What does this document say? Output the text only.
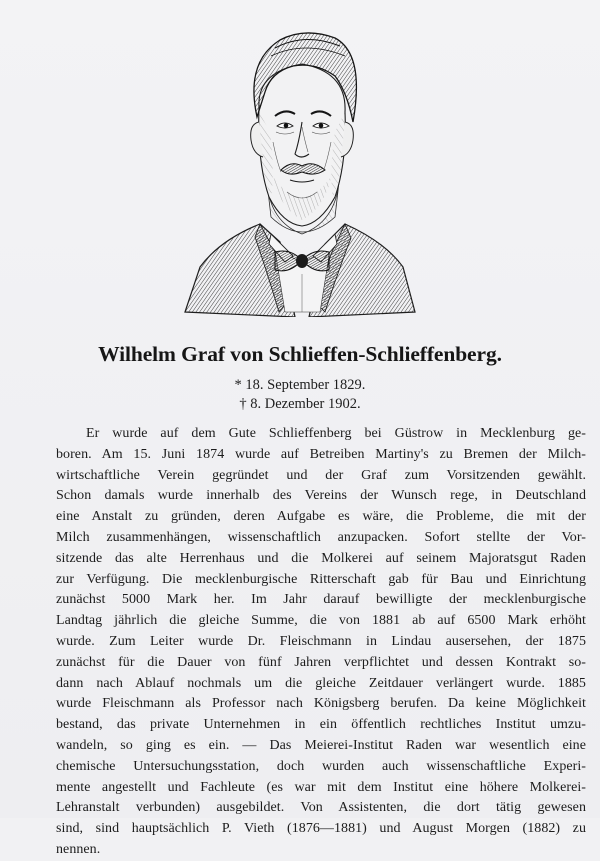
Wilhelm Graf von Schlieffen-Schlieffenberg.
* 18. September 1829.
† 8. Dezember 1902.
Er wurde auf dem Gute Schlieffenberg bei Güstrow in Mecklenburg ge-
boren. Am 15. Juni 1874 wurde auf Betreiben Martiny's zu Bremen der Milch-
wirtschaftliche Verein gegründet und der Graf zum Vorsitzenden gewählt.
Schon damals wurde innerhalb des Vereins der Wunsch rege, in Deutschland
eine Anstalt zu gründen, deren Aufgabe es wäre, die Probleme, die mit der
Milch zusammenhängen, wissenschaftlich anzupacken. Sofort stellte der Vor-
sitzende das alte Herrenhaus und die Molkerei auf seinem Majoratsgut Raden
zur Verfügung. Die mecklenburgische Ritterschaft gab für Bau und Einrichtung
zunächst 5000 Mark her. Im Jahr darauf bewilligte der mecklenburgische
Landtag jährlich die gleiche Summe, die von 1881 ab auf 6500 Mark erhöht
wurde. Zum Leiter wurde Dr. Fleischmann in Lindau ausersehen, der 1875
zunächst für die Dauer von fünf Jahren verpflichtet und dessen Kontrakt so-
dann nach Ablauf nochmals um die gleiche Zeitdauer verlängert wurde. 1885
wurde Fleischmann als Professor nach Königsberg berufen. Da keine Möglichkeit
bestand, das private Unternehmen in ein öffentlich rechtliches Institut umzu-
wandeln, so ging es ein. — Das Meierei-Institut Raden war wesentlich eine
chemische Untersuchungsstation, doch wurden auch wissenschaftliche Experi-
mente angestellt und Fachleute (es war mit dem Institut eine höhere Molkerei-
Lehranstalt verbunden) ausgebildet. Von Assistenten, die dort tätig gewesen
sind, sind hauptsächlich P. Vieth (1876—1881) und August Morgen (1882) zu
nennen.
